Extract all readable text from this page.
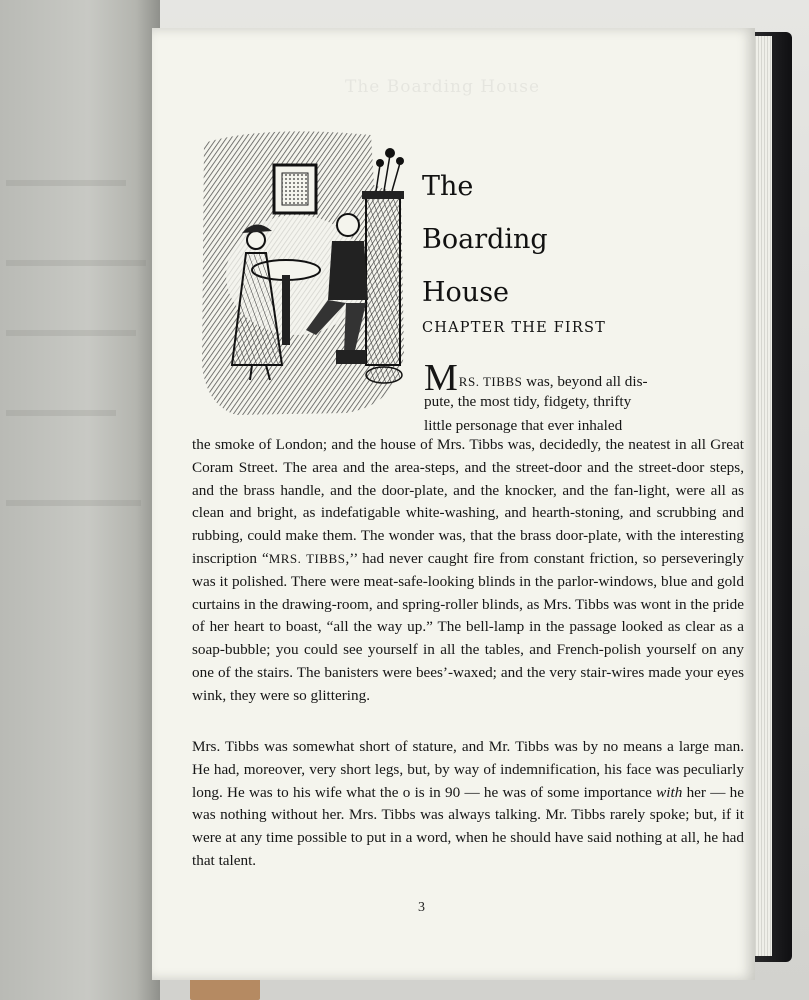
The Boarding House
The
Boarding
House
CHAPTER THE FIRST
MRS. TIBBS was, beyond all dis-
pute, the most tidy, fidgety, thrifty
little personage that ever inhaled

the smoke of London; and the house of Mrs. Tibbs was, decidedly, the neatest in all Great Coram Street. The area and the area-steps, and the street-door and the street-door steps, and the brass handle, and the door-plate, and the knocker, and the fan-light, were all as clean and bright, as indefatigable white-washing, and hearth-stoning, and scrubbing and rubbing, could make them. The wonder was, that the brass door-plate, with the interesting inscription “MRS. TIBBS,’’ had never caught fire from constant friction, so perseveringly was it polished. There were meat-safe-looking blinds in the parlor-windows, blue and gold curtains in the drawing-room, and spring-roller blinds, as Mrs. Tibbs was wont in the pride of her heart to boast, “all the way up.” The bell-lamp in the passage looked as clear as a soap-bubble; you could see yourself in all the tables, and French-polish yourself on any one of the stairs. The banisters were bees’-waxed; and the very stair-wires made your eyes wink, they were so glittering.

Mrs. Tibbs was somewhat short of stature, and Mr. Tibbs was by no means a large man. He had, moreover, very short legs, but, by way of indemnification, his face was peculiarly long. He was to his wife what the o is in 90 — he was of some importance with her — he was nothing without her. Mrs. Tibbs was always talking. Mr. Tibbs rarely spoke; but, if it were at any time possible to put in a word, when he should have said nothing at all, he had that talent.

3
